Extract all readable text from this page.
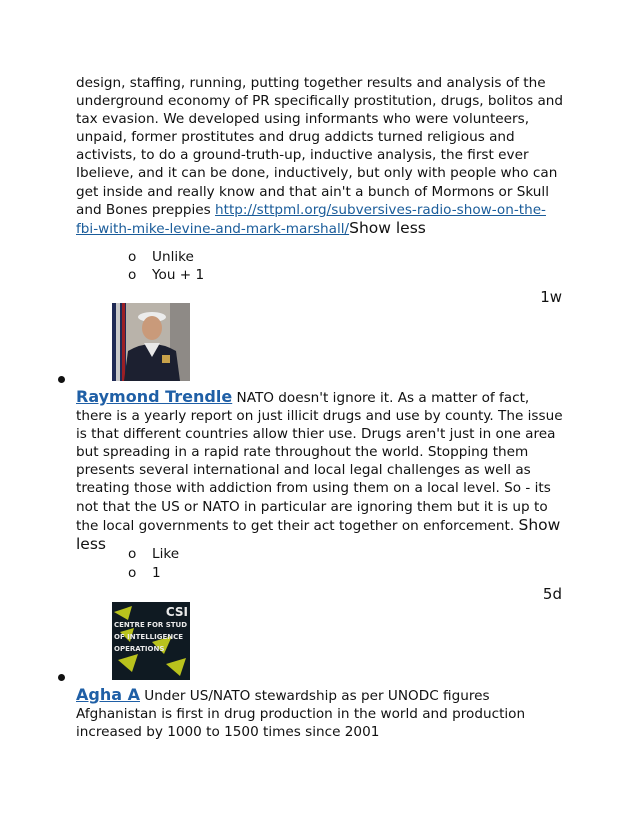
design, staffing, running, putting together results and analysis of the underground economy of PR specifically prostitution, drugs, bolitos and tax evasion. We developed using informants who were volunteers, unpaid, former prostitutes and drug addicts turned religious and activists, to do a ground-truth-up, inductive analysis, the first ever Ibelieve, and it can be done, inductively, but only with people who can get inside and really know and that ain't a bunch of Mormons or Skull and Bones preppies http://sttpml.org/subversives-radio-show-on-the-fbi-with-mike-levine-and-mark-marshall/Show less
o Unlike
o You + 1
1w
Raymond Trendle NATO doesn't ignore it. As a matter of fact, there is a yearly report on just illicit drugs and use by county. The issue is that different countries allow thier use. Drugs aren't just in one area but spreading in a rapid rate throughout the world. Stopping them presents several international and local legal challenges as well as treating those with addiction from using them on a local level. So - its not that the US or NATO in particular are ignoring them but it is up to the local governments to get their act together on enforcement. Show less
o Like
o 1
5d
CSI
CENTRE FOR STUD
OF INTELLIGENCE
OPERATIONS
Agha A Under US/NATO stewardship as per UNODC figures Afghanistan is first in drug production in the world and production increased by 1000 to 1500 times since 2001
